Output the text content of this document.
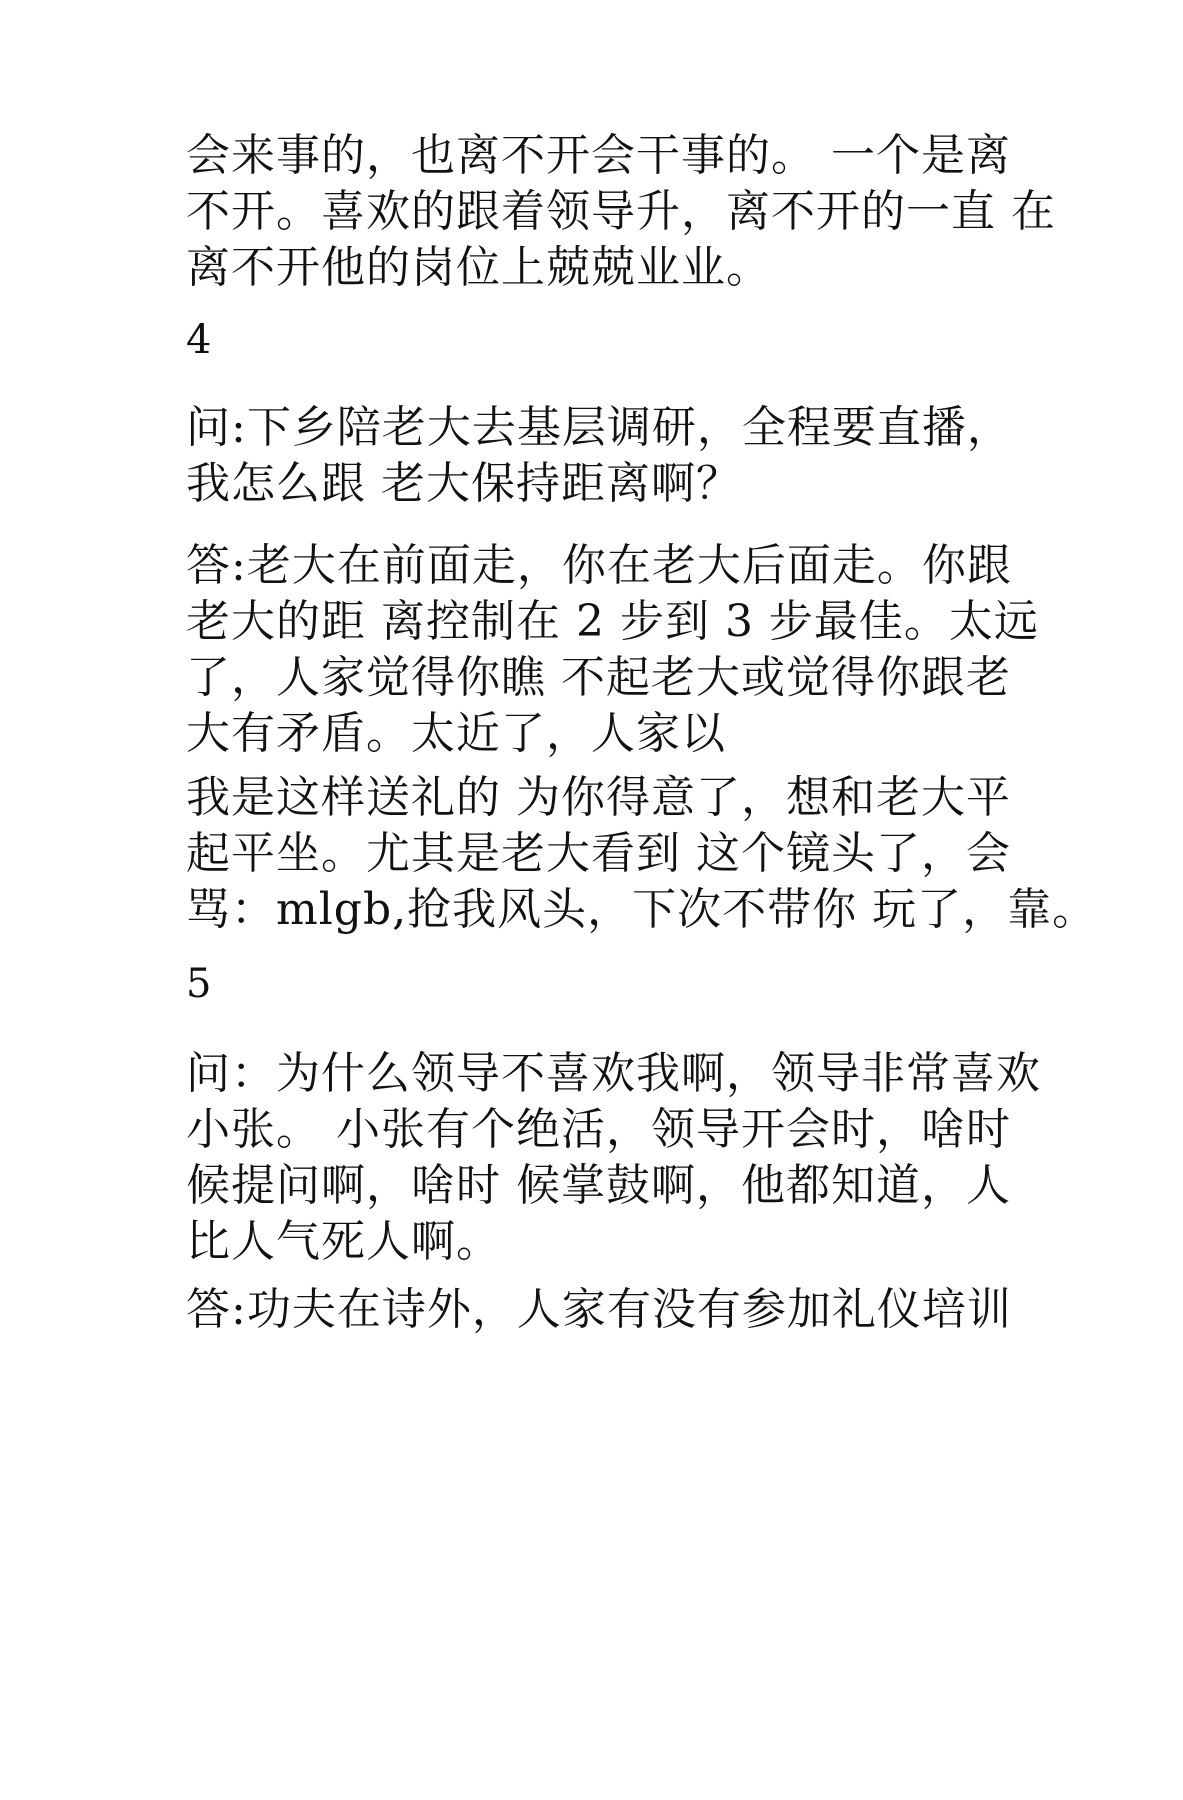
会来事的，也离不开会干事的。 一个是离
不开。喜欢的跟着领导升，离不开的一直 在
离不开他的岗位上兢兢业业。
4
问:下乡陪老大去基层调研，全程要直播，
我怎么跟 老大保持距离啊？
答:老大在前面走，你在老大后面走。你跟
老大的距 离控制在 2 步到 3 步最佳。太远
了，人家觉得你瞧 不起老大或觉得你跟老
大有矛盾。太近了，人家以
我是这样送礼的 为你得意了，想和老大平
起平坐。尤其是老大看到 这个镜头了，会
骂：mlgb,抢我风头，下次不带你 玩了，靠。
5
问：为什么领导不喜欢我啊，领导非常喜欢
小张。 小张有个绝活，领导开会时，啥时
候提问啊，啥时 候掌鼓啊，他都知道，人
比人气死人啊。
答:功夫在诗外，人家有没有参加礼仪培训
